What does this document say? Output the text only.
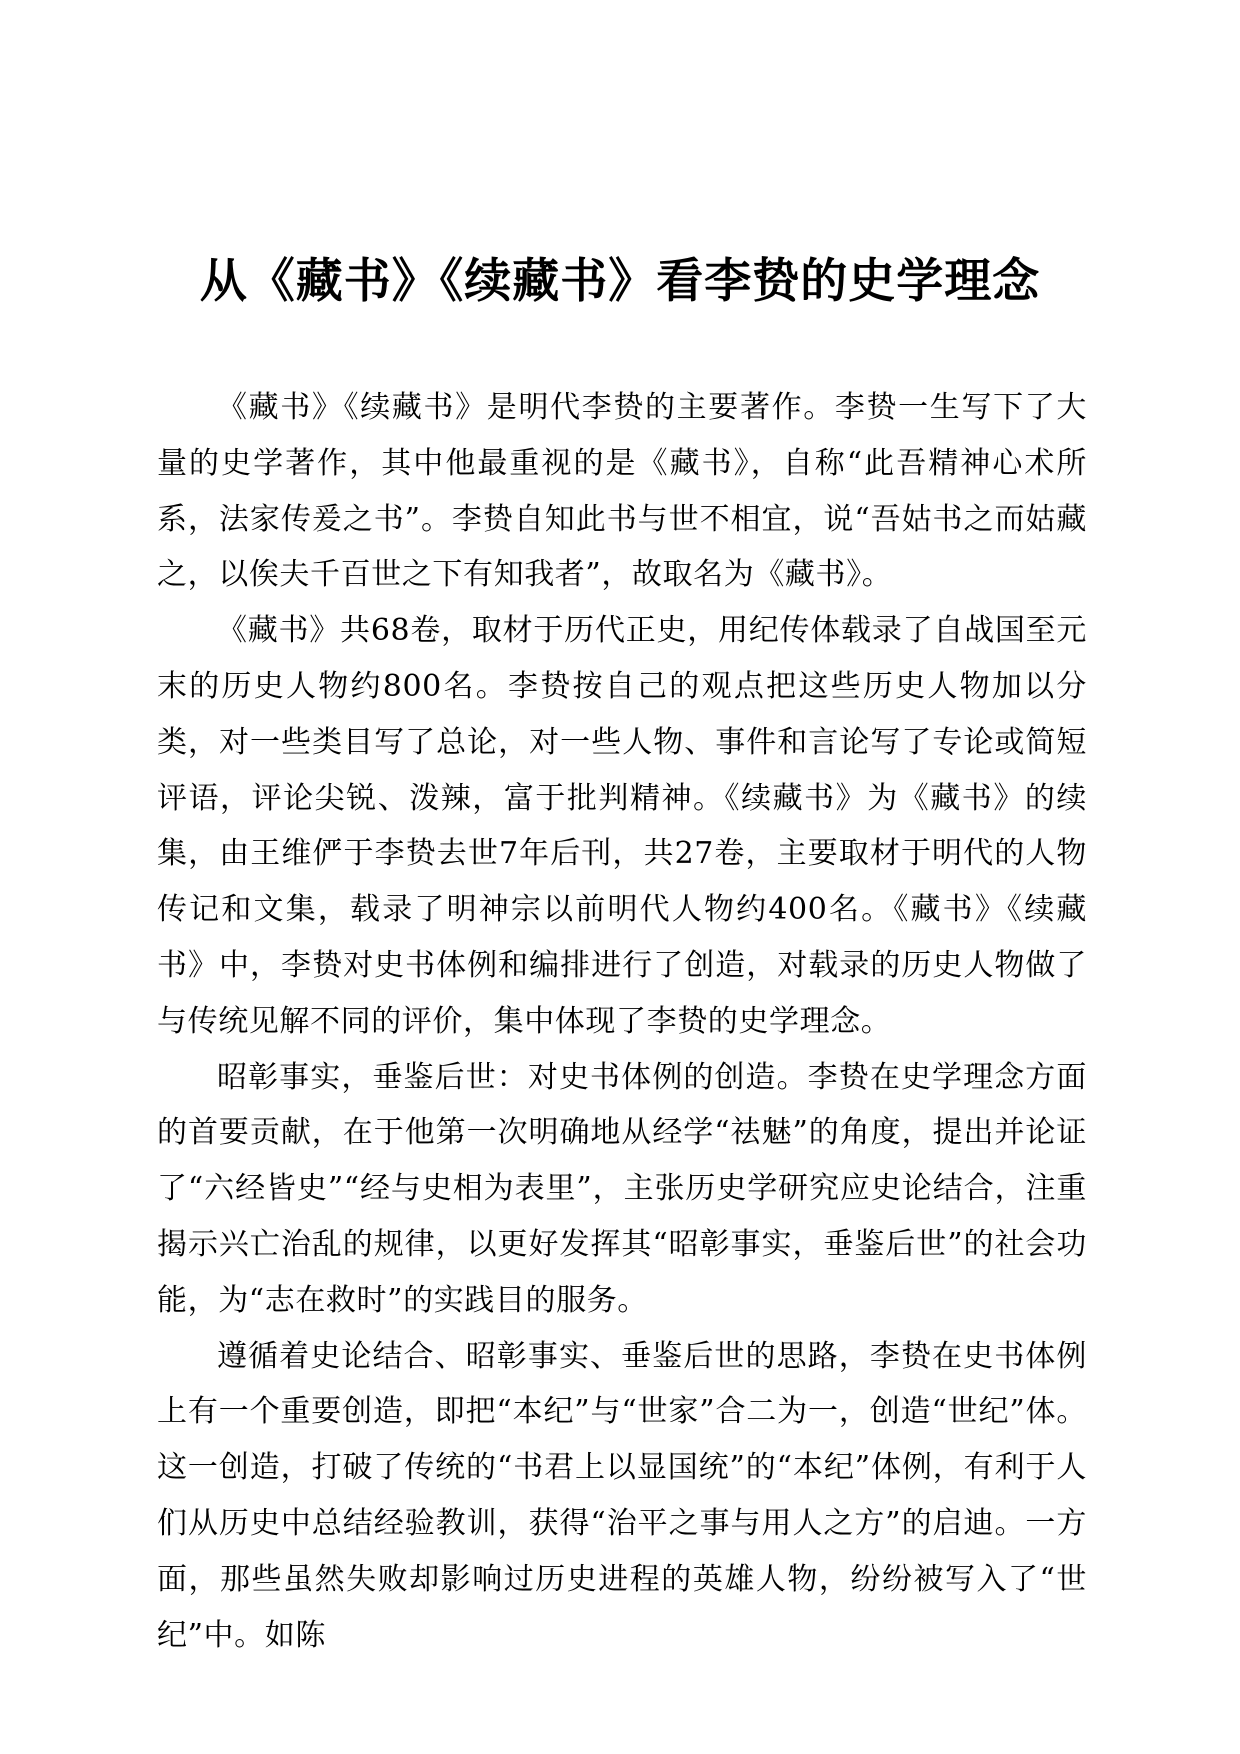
从《藏书》《续藏书》看李贽的史学理念

《藏书》《续藏书》是明代李贽的主要著作。李贽一生写下了大量的史学著作，其中他最重视的是《藏书》，自称“此吾精神心术所系，法家传爰之书”。李贽自知此书与世不相宜，说“吾姑书之而姑藏之，以俟夫千百世之下有知我者”，故取名为《藏书》。

《藏书》共68卷，取材于历代正史，用纪传体载录了自战国至元末的历史人物约800名。李贽按自己的观点把这些历史人物加以分类，对一些类目写了总论，对一些人物、事件和言论写了专论或简短评语，评论尖锐、泼辣，富于批判精神。《续藏书》为《藏书》的续集，由王维俨于李贽去世7年后刊，共27卷，主要取材于明代的人物传记和文集，载录了明神宗以前明代人物约400名。《藏书》《续藏书》中，李贽对史书体例和编排进行了创造，对载录的历史人物做了与传统见解不同的评价，集中体现了李贽的史学理念。

昭彰事实，垂鉴后世：对史书体例的创造。李贽在史学理念方面的首要贡献，在于他第一次明确地从经学“祛魅”的角度，提出并论证了“六经皆史”“经与史相为表里”，主张历史学研究应史论结合，注重揭示兴亡治乱的规律，以更好发挥其“昭彰事实，垂鉴后世”的社会功能，为“志在救时”的实践目的服务。

遵循着史论结合、昭彰事实、垂鉴后世的思路，李贽在史书体例上有一个重要创造，即把“本纪”与“世家”合二为一，创造“世纪”体。这一创造，打破了传统的“书君上以显国统”的“本纪”体例，有利于人们从历史中总结经验教训，获得“治平之事与用人之方”的启迪。一方面，那些虽然失败却影响过历史进程的英雄人物，纷纷被写入了“世纪”中。如陈
